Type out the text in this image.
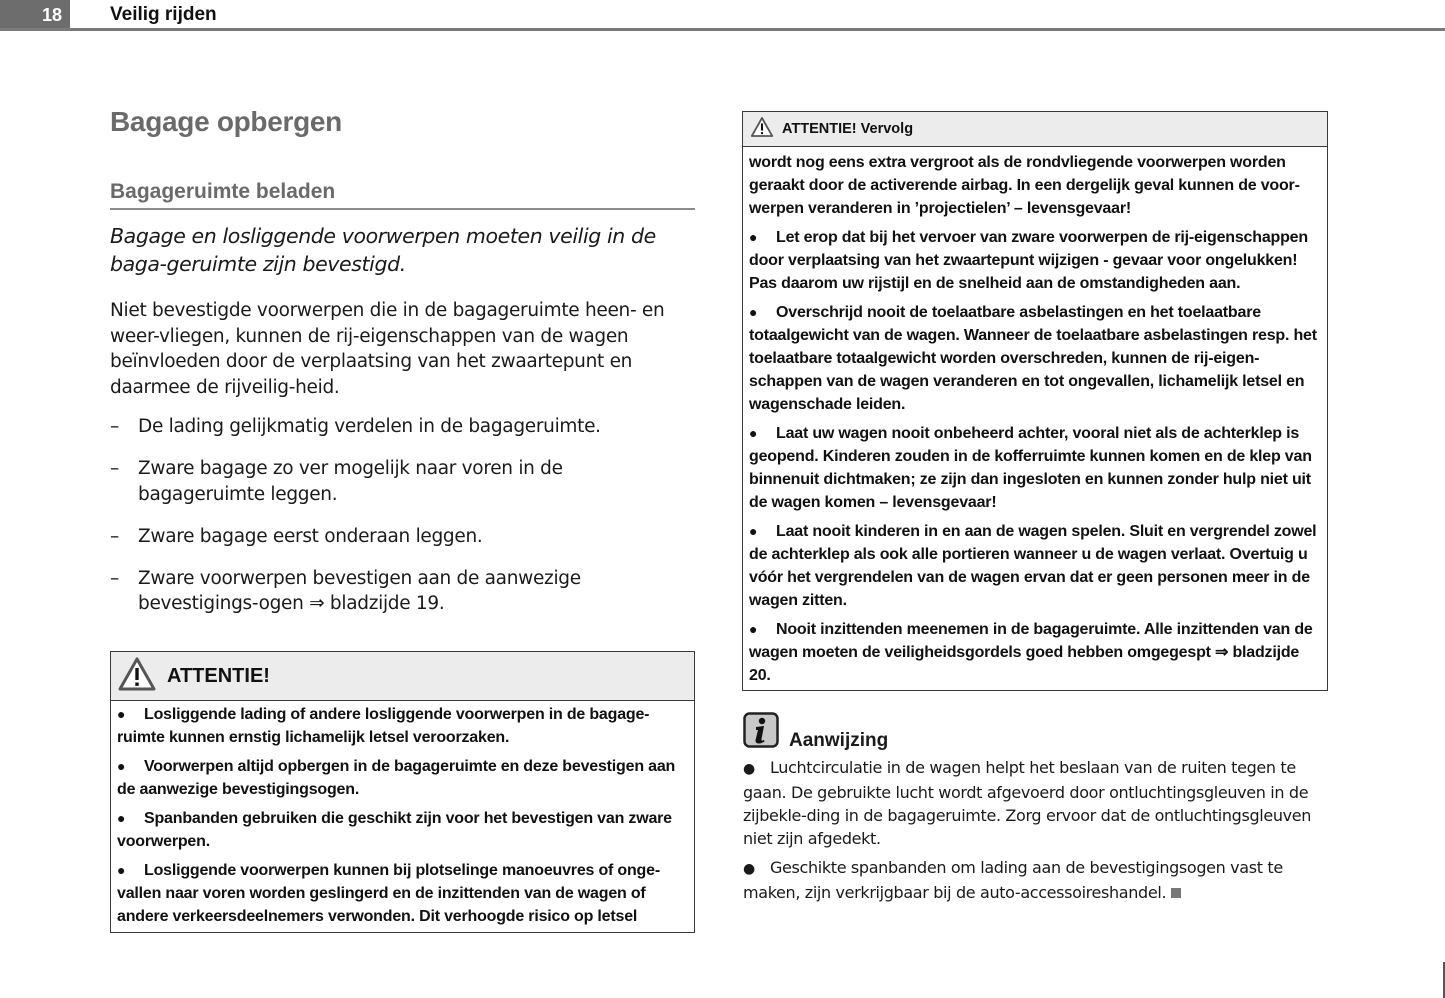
18	Veilig rijden
Bagage opbergen
Bagageruimte beladen
Bagage en losliggende voorwerpen moeten veilig in de baga-geruimte zijn bevestigd.
Niet bevestigde voorwerpen die in de bagageruimte heen- en weer-vliegen, kunnen de rij-eigenschappen van de wagen beïnvloeden door de verplaatsing van het zwaartepunt en daarmee de rijveilig-heid.
– De lading gelijkmatig verdelen in de bagageruimte.
– Zware bagage zo ver mogelijk naar voren in de bagageruimte leggen.
– Zware bagage eerst onderaan leggen.
– Zware voorwerpen bevestigen aan de aanwezige bevestigings-ogen ⇒ bladzijde 19.
ATTENTIE!

● Losliggende lading of andere losliggende voorwerpen in de bagage-ruimte kunnen ernstig lichamelijk letsel veroorzaken.

● Voorwerpen altijd opbergen in de bagageruimte en deze bevestigen aan de aanwezige bevestigingsogen.

● Spanbanden gebruiken die geschikt zijn voor het bevestigen van zware voorwerpen.

● Losliggende voorwerpen kunnen bij plotselinge manoeuvres of onge-vallen naar voren worden geslingerd en de inzittenden van de wagen of andere verkeersdeelnemers verwonden. Dit verhoogde risico op letsel

ATTENTIE! Vervolg

wordt nog eens extra vergroot als de rondvliegende voorwerpen worden geraakt door de activerende airbag. In een dergelijk geval kunnen de voor-werpen veranderen in ’projectielen’ – levensgevaar!

● Let erop dat bij het vervoer van zware voorwerpen de rij-eigenschappen door verplaatsing van het zwaartepunt wijzigen - gevaar voor ongelukken! Pas daarom uw rijstijl en de snelheid aan de omstandigheden aan.

● Overschrijd nooit de toelaatbare asbelastingen en het toelaatbare totaalgewicht van de wagen. Wanneer de toelaatbare asbelastingen resp. het toelaatbare totaalgewicht worden overschreden, kunnen de rij-eigen-schappen van de wagen veranderen en tot ongevallen, lichamelijk letsel en wagenschade leiden.

● Laat uw wagen nooit onbeheerd achter, vooral niet als de achterklep is geopend. Kinderen zouden in de kofferruimte kunnen komen en de klep van binnenuit dichtmaken; ze zijn dan ingesloten en kunnen zonder hulp niet uit de wagen komen – levensgevaar!

● Laat nooit kinderen in en aan de wagen spelen. Sluit en vergrendel zowel de achterklep als ook alle portieren wanneer u de wagen verlaat. Overtuig u vóór het vergrendelen van de wagen ervan dat er geen personen meer in de wagen zitten.

● Nooit inzittenden meenemen in de bagageruimte. Alle inzittenden van de wagen moeten de veiligheidsgordels goed hebben omgegespt ⇒ bladzijde 20.

Aanwijzing

● Luchtcirculatie in de wagen helpt het beslaan van de ruiten tegen te gaan. De gebruikte lucht wordt afgevoerd door ontluchtingsgleuven in de zijbekle-ding in de bagageruimte. Zorg ervoor dat de ontluchtingsgleuven niet zijn afgedekt.

● Geschikte spanbanden om lading aan de bevestigingsogen vast te maken, zijn verkrijgbaar bij de auto-accessoireshandel.
